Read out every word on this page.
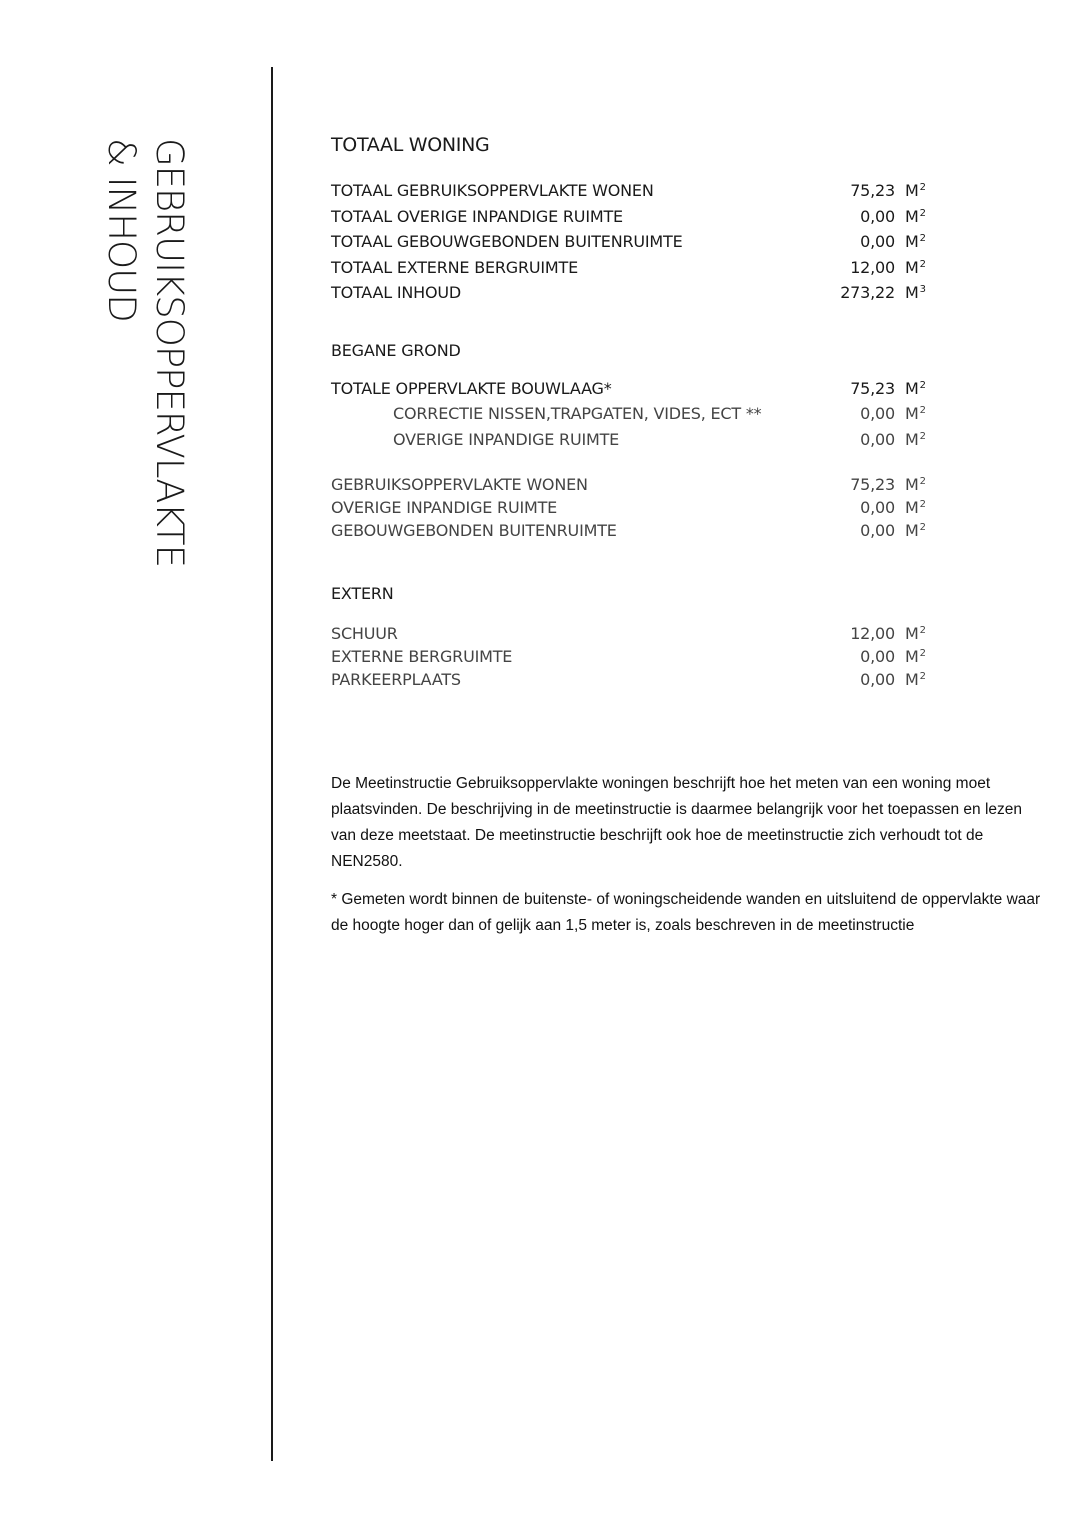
GEBRUIKSOPPERVLAKTE
& INHOUD	TOTAAL WONING
TOTAAL GEBRUIKSOPPERVLAKTE WONEN	75,23 $M^2$
TOTAAL OVERIGE INPANDIGE RUIMTE	0,00 $M^2$
TOTAAL GEBOUWGEBONDEN BUITENRUIMTE	0,00 $M^2$
TOTAAL EXTERNE BERGRUIMTE	12,00 $M^2$
TOTAAL INHOUD	273,22 $M^3$
BEGANE GROND
TOTALE OPPERVLAKTE BOUWLAAG*	75,23 $M^2$
CORRECTIE NISSEN,TRAPGATEN, VIDES, ECT **	0,00 $M^2$
OVERIGE INPANDIGE RUIMTE	0,00 $M^2$
GEBRUIKSOPPERVLAKTE WONEN	75,23 $M^2$
OVERIGE INPANDIGE RUIMTE	0,00 $M^2$
GEBOUWGEBONDEN BUITENRUIMTE	0,00 $M^2$
EXTERN
SCHUUR	12,00 $M^2$
EXTERNE BERGRUIMTE	0,00 $M^2$
PARKEERPLAATS	0,00 $M^2$

De Meetinstructie Gebruiksoppervlakte woningen beschrijft hoe het meten van een woning moet plaatsvinden. De beschrijving in de meetinstructie is daarmee belangrijk voor het toepassen en lezen van deze meetstaat. De meetinstructie beschrijft ook hoe de meetinstructie zich verhoudt tot de NEN2580.

* Gemeten wordt binnen de buitenste- of woningscheidende wanden en uitsluitend de oppervlakte waar de hoogte hoger dan of gelijk aan 1,5 meter is, zoals beschreven in de meetinstructie
